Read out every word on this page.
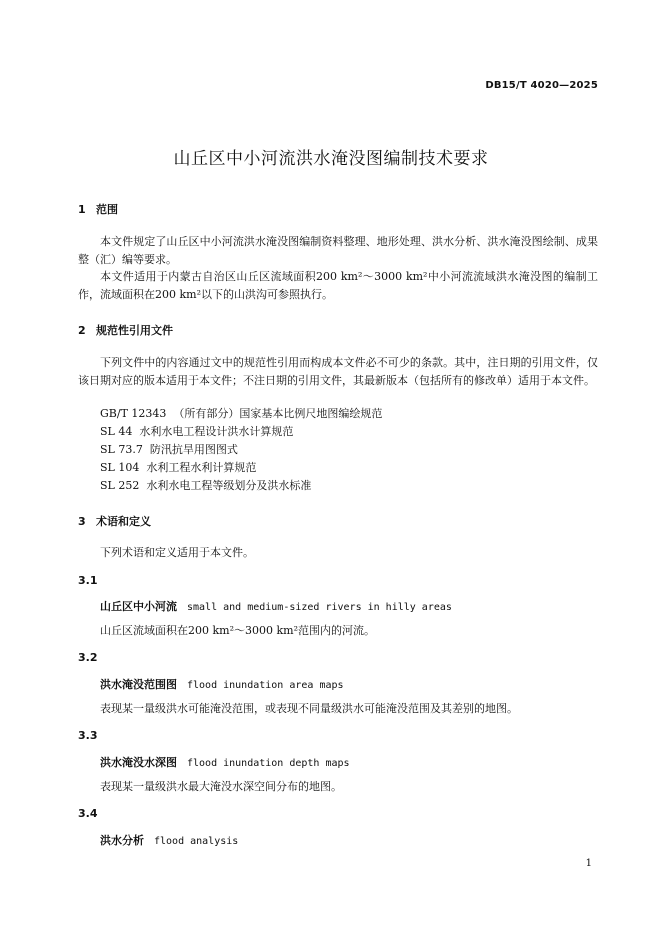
DB15/T 4020—2025
山丘区中小河流洪水淹没图编制技术要求
1 范围
本文件规定了山丘区中小河流洪水淹没图编制资料整理、地形处理、洪水分析、洪水淹没图绘制、成果整（汇）编等要求。
本文件适用于内蒙古自治区山丘区流域面积200 km²～3000 km²中小河流流域洪水淹没图的编制工作，流域面积在200 km²以下的山洪沟可参照执行。
2 规范性引用文件
下列文件中的内容通过文中的规范性引用而构成本文件必不可少的条款。其中，注日期的引用文件，仅该日期对应的版本适用于本文件；不注日期的引用文件，其最新版本（包括所有的修改单）适用于本文件。
GB/T 12343  （所有部分）国家基本比例尺地图编绘规范
SL 44  水利水电工程设计洪水计算规范
SL 73.7  防汛抗旱用图图式
SL 104  水利工程水利计算规范
SL 252  水利水电工程等级划分及洪水标准
3 术语和定义
下列术语和定义适用于本文件。
3.1
山丘区中小河流 small and medium-sized rivers in hilly areas
山丘区流域面积在200 km²～3000 km²范围内的河流。
3.2
洪水淹没范围图 flood inundation area maps
表现某一量级洪水可能淹没范围，或表现不同量级洪水可能淹没范围及其差别的地图。
3.3
洪水淹没水深图 flood inundation depth maps
表现某一量级洪水最大淹没水深空间分布的地图。
3.4
洪水分析 flood analysis
1
